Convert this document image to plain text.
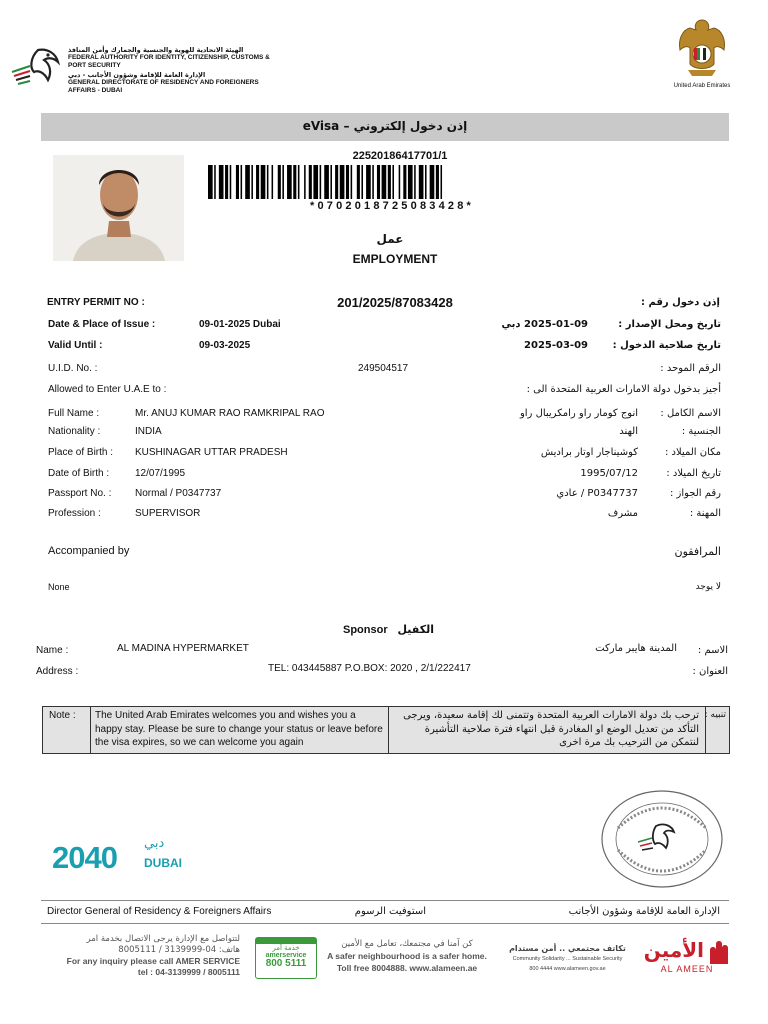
الهيئة الاتحادية للهوية والجنسية والجمارك وأمن المنافذ
FEDERAL AUTHORITY FOR IDENTITY, CITIZENSHIP, CUSTOMS & PORT SECURITY
الإدارة العامة للإقامة وشؤون الأجانب - دبي
GENERAL DIRECTORATE OF RESIDENCY AND FOREIGNERS AFFAIRS - DUBAI
United Arab Emirates
إذن دخول إلكتروني – eVisa
22520186417701/1
*0702018725083428*
عمل
EMPLOYMENT
ENTRY PERMIT NO :	201/2025/87083428	إذن دخول رقم :
Date & Place of Issue :	09-01-2025 Dubai	2025-01-09 دبي	تاريخ ومحل الإصدار :
Valid Until :	09-03-2025	2025-03-09	تاريخ صلاحية الدخول :
U.I.D. No. :	249504517	الرقم الموحد :
Allowed to Enter U.A.E to :	أجيز بدخول دولة الامارات العربية المتحدة الى :
Full Name :	Mr. ANUJ KUMAR RAO RAMKRIPAL RAO	انوج كومار راو رامكريبال راو	الاسم الكامل :
Nationality :	INDIA	الهند	الجنسية :
Place of Birth : KUSHINAGAR UTTAR PRADESH	كوشيناجار اوتار براديش	مكان الميلاد :
Date of Birth :	12/07/1995	1995/07/12	تاريخ الميلاد :
Passport No. : Normal / P0347737	P0347737 / عادي	رقم الجواز :
Profession :	SUPERVISOR	مشرف	المهنة :
Accompanied by	المرافقون
None	لا يوجد
Sponsor الكفيل
Name :	AL MADINA HYPERMARKET	المدينة هايبر ماركت	الاسم :
Address :	TEL: 043445887 P.O.BOX: 2020 , 2/1/222417	العنوان :
Note :	The United Arab Emirates welcomes you and wishes you a happy stay. Please be sure to change your status or leave before the visa expires, so we can welcome you again
ترحب بك دولة الامارات العربية المتحدة وتتمنى لك إقامة سعيدة، ويرجى التأكد من تعديل الوضع او المغادرة قبل انتهاء فترة صلاحية التأشيرة لنتمكن من الترحيب بك مرة اخرى
تنبيه :
2040 دبي
DUBAI
Director General of Residency & Foreigners Affairs	استوفيت الرسوم	الإدارة العامة للإقامة وشؤون الأجانب
لتتواصل مع الإدارة يرجى الاتصال بخدمة امر
هاتف: 04-3139999 / 8005111
For any inquiry please call AMER SERVICE
tel : 04-3139999 / 8005111
خدمة آمر
amerservice
800 5111
كن آمنا في مجتمعك، تعامل مع الأمين
A safer neighbourhood is a safer home.
Toll free 8004888. www.alameen.ae
تكاتف مجتمعي .. أمن مستدام
Community Solidarity ... Sustainable Security
800 4444 www.alameen.gov.ae
الأمين
AL AMEEN
